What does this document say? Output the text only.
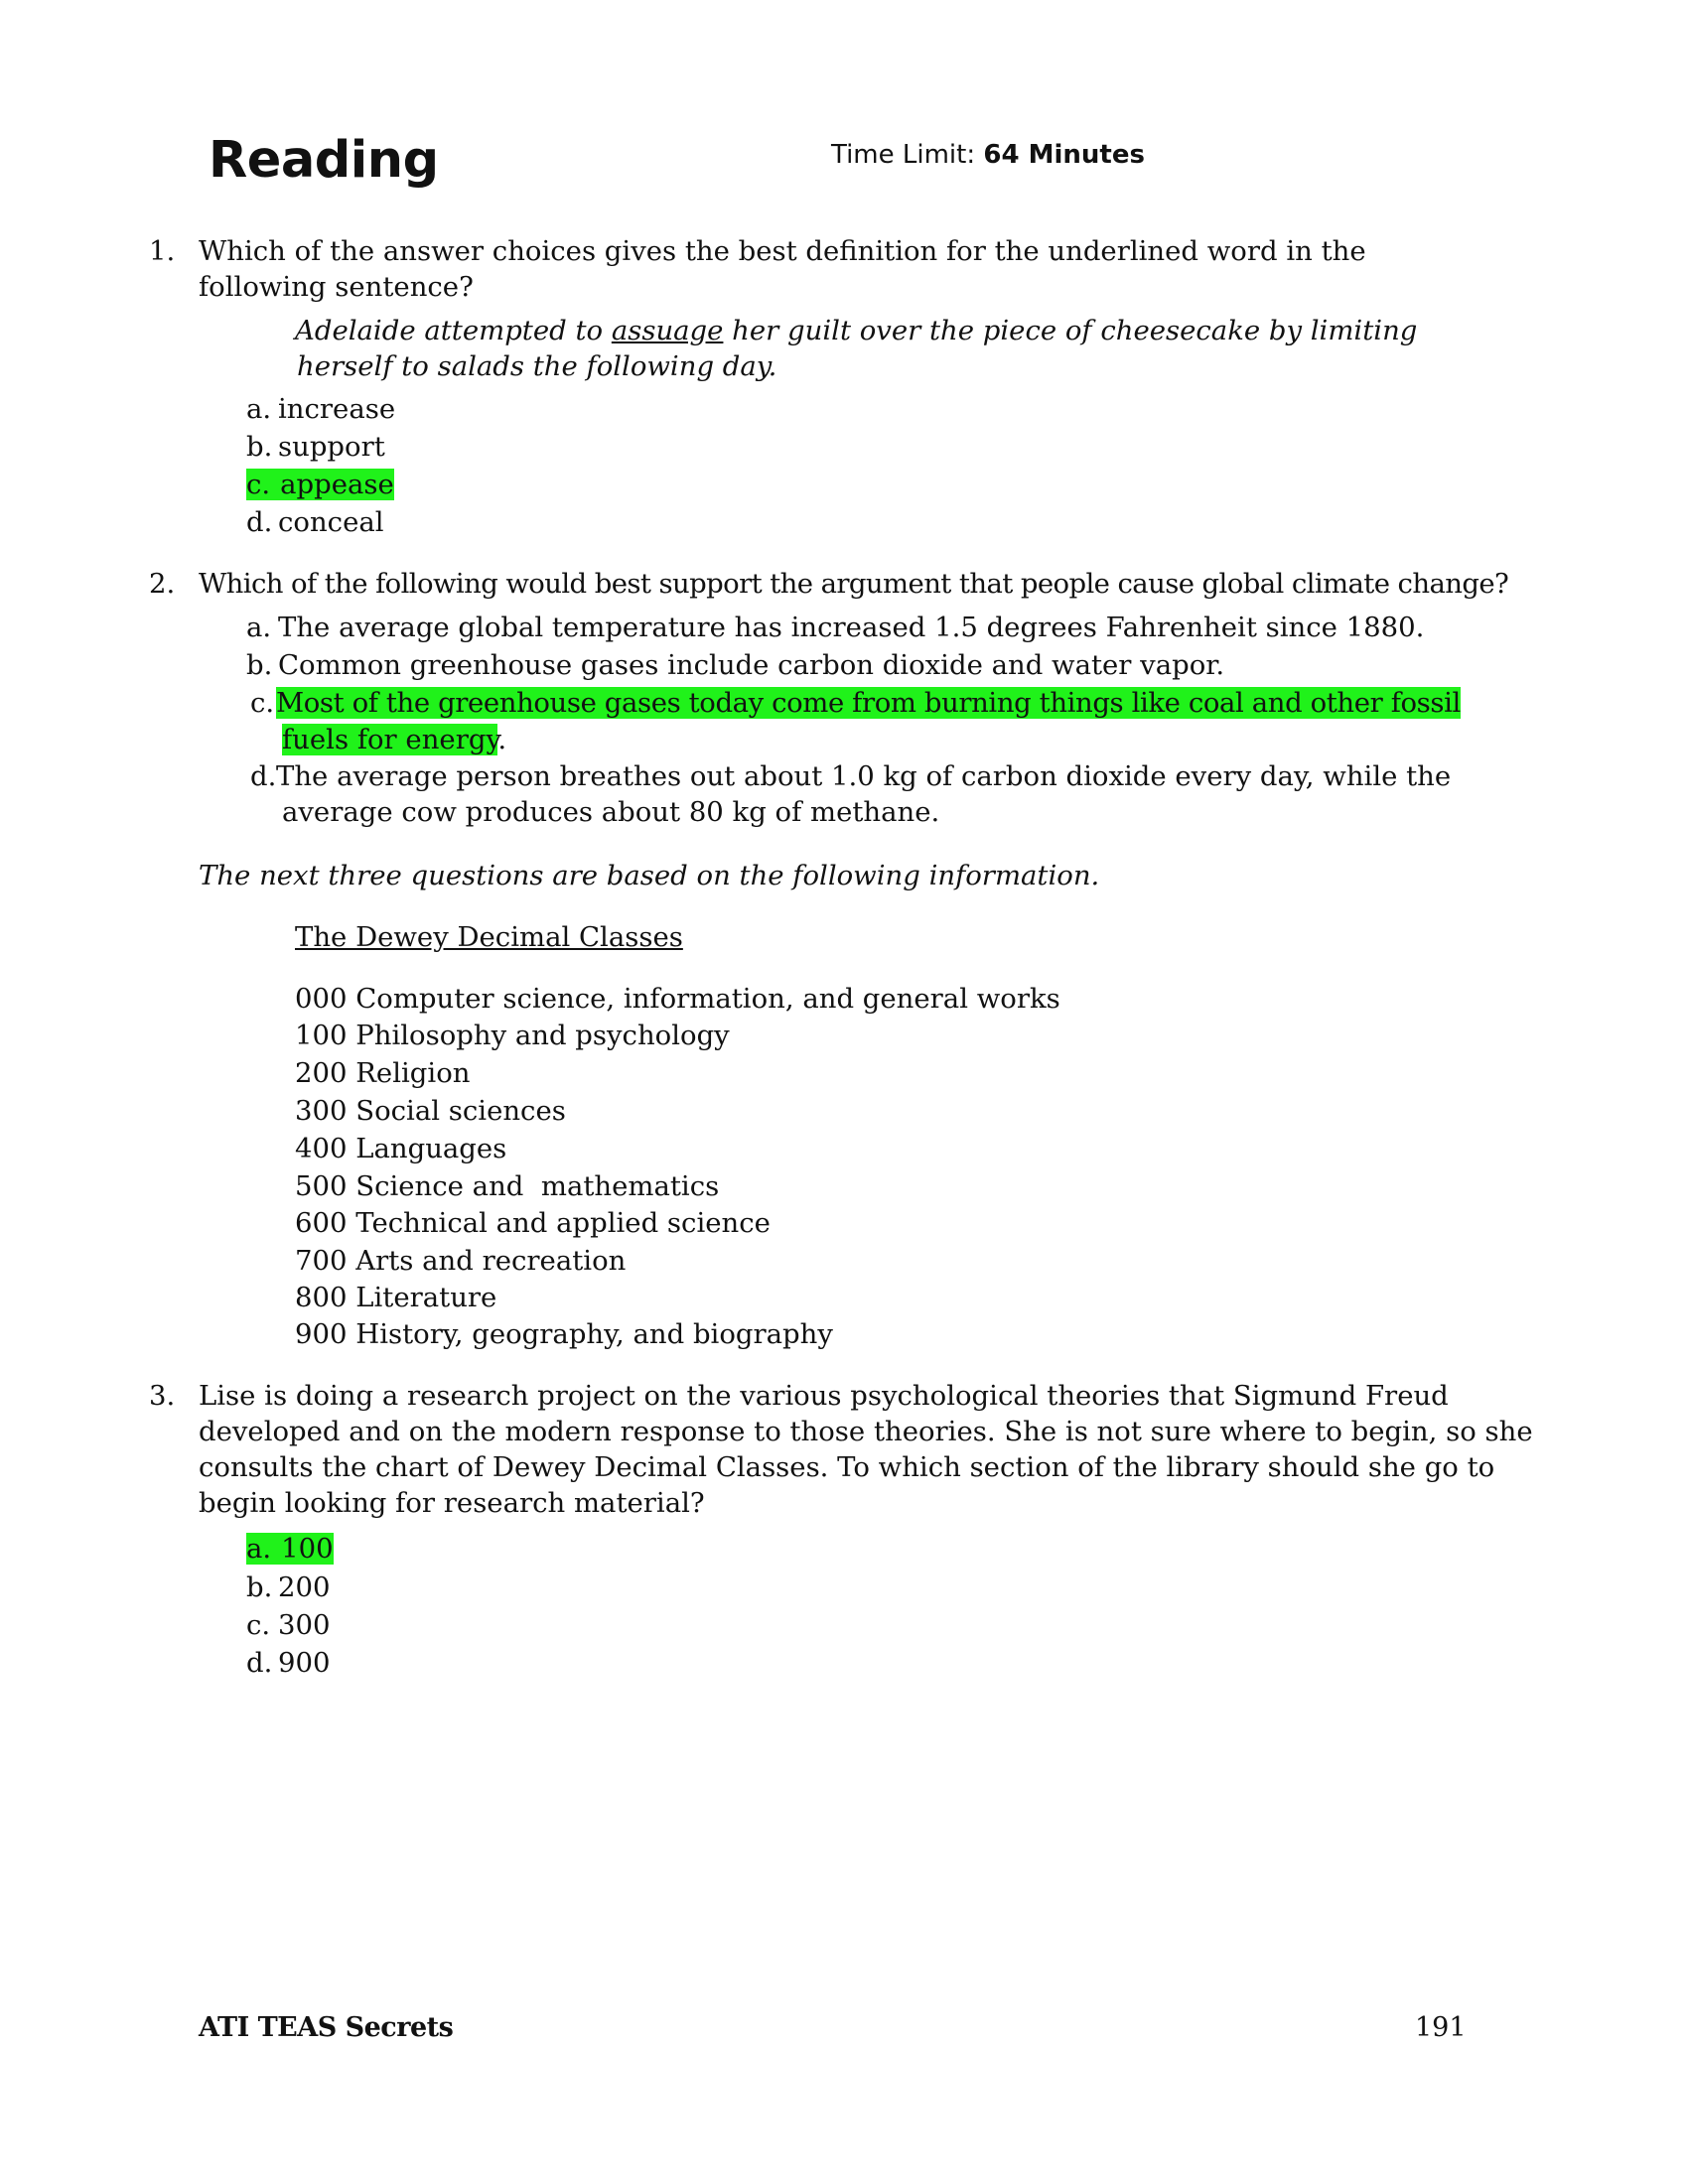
Reading	Time Limit: 64 Minutes
1. Which of the answer choices gives the best definition for the underlined word in the
following sentence?
Adelaide attempted to assuage her guilt over the piece of cheesecake by limiting
herself to salads the following day.
a. increase
b. support
c. appease
d. conceal
2. Which of the following would best support the argument that people cause global climate change?
a. The average global temperature has increased 1.5 degrees Fahrenheit since 1880.
b. Common greenhouse gases include carbon dioxide and water vapor.
c. Most of the greenhouse gases today come from burning things like coal and other fossil
fuels for energy.
d. The average person breathes out about 1.0 kg of carbon dioxide every day, while the
average cow produces about 80 kg of methane.
The next three questions are based on the following information.
The Dewey Decimal Classes
000 Computer science, information, and general works
100 Philosophy and psychology
200 Religion
300 Social sciences
400 Languages
500 Science and  mathematics
600 Technical and applied science
700 Arts and recreation
800 Literature
900 History, geography, and biography
3. Lise is doing a research project on the various psychological theories that Sigmund Freud
developed and on the modern response to those theories. She is not sure where to begin, so she
consults the chart of Dewey Decimal Classes. To which section of the library should she go to
begin looking for research material?
a. 100
b. 200
c. 300
d. 900
ATI TEAS Secrets	191
